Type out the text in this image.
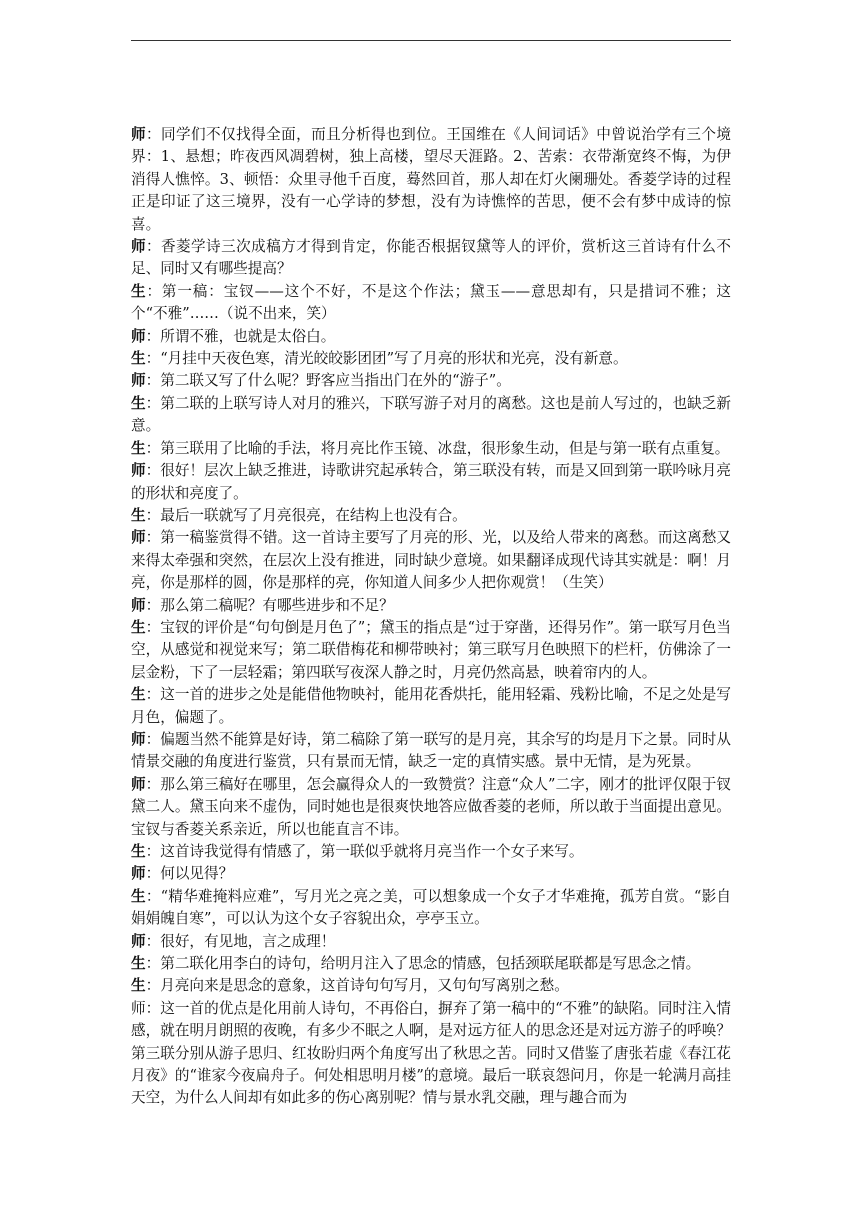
师：同学们不仅找得全面，而且分析得也到位。王国维在《人间词话》中曾说治学有三个境界：1、悬想；昨夜西风凋碧树，独上高楼，望尽天涯路。2、苦索：衣带渐宽终不悔，为伊消得人憔悴。3、顿悟：众里寻他千百度，蓦然回首，那人却在灯火阑珊处。香菱学诗的过程正是印证了这三境界，没有一心学诗的梦想，没有为诗憔悴的苦思，便不会有梦中成诗的惊喜。

师：香菱学诗三次成稿方才得到肯定，你能否根据钗黛等人的评价，赏析这三首诗有什么不足、同时又有哪些提高？

生：第一稿：宝钗——这个不好，不是这个作法；黛玉——意思却有，只是措词不雅；这个“不雅”……（说不出来，笑）

师：所谓不雅，也就是太俗白。

生：“月挂中天夜色寒，清光皎皎影团团”写了月亮的形状和光亮，没有新意。

师：第二联又写了什么呢？野客应当指出门在外的“游子”。

生：第二联的上联写诗人对月的雅兴，下联写游子对月的离愁。这也是前人写过的，也缺乏新意。

生：第三联用了比喻的手法，将月亮比作玉镜、冰盘，很形象生动，但是与第一联有点重复。

师：很好！层次上缺乏推进，诗歌讲究起承转合，第三联没有转，而是又回到第一联吟咏月亮的形状和亮度了。

生：最后一联就写了月亮很亮，在结构上也没有合。

师：第一稿鉴赏得不错。这一首诗主要写了月亮的形、光，以及给人带来的离愁。而这离愁又来得太牵强和突然，在层次上没有推进，同时缺少意境。如果翻译成现代诗其实就是：啊！月亮，你是那样的圆，你是那样的亮，你知道人间多少人把你观赏！（生笑）

师：那么第二稿呢？有哪些进步和不足？

生：宝钗的评价是“句句倒是月色了”；黛玉的指点是“过于穿凿，还得另作”。第一联写月色当空，从感觉和视觉来写；第二联借梅花和柳带映衬；第三联写月色映照下的栏杆，仿佛涂了一层金粉，下了一层轻霜；第四联写夜深人静之时，月亮仍然高悬，映着帘内的人。

生：这一首的进步之处是能借他物映衬，能用花香烘托，能用轻霜、残粉比喻，不足之处是写月色，偏题了。

师：偏题当然不能算是好诗，第二稿除了第一联写的是月亮，其余写的均是月下之景。同时从情景交融的角度进行鉴赏，只有景而无情，缺乏一定的真情实感。景中无情，是为死景。

师：那么第三稿好在哪里，怎会赢得众人的一致赞赏？注意“众人”二字，刚才的批评仅限于钗黛二人。黛玉向来不虚伪，同时她也是很爽快地答应做香菱的老师，所以敢于当面提出意见。宝钗与香菱关系亲近，所以也能直言不讳。

生：这首诗我觉得有情感了，第一联似乎就将月亮当作一个女子来写。

师：何以见得？

生：“精华难掩料应难”，写月光之亮之美，可以想象成一个女子才华难掩，孤芳自赏。“影自娟娟魄自寒”，可以认为这个女子容貌出众，亭亭玉立。

师：很好，有见地，言之成理！

生：第二联化用李白的诗句，给明月注入了思念的情感，包括颈联尾联都是写思念之情。

生：月亮向来是思念的意象，这首诗句句写月，又句句写离别之愁。

师：这一首的优点是化用前人诗句，不再俗白，摒弃了第一稿中的“不雅”的缺陷。同时注入情感，就在明月朗照的夜晚，有多少不眠之人啊，是对远方征人的思念还是对远方游子的呼唤？第三联分别从游子思归、红妆盼归两个角度写出了秋思之苦。同时又借鉴了唐张若虚《春江花月夜》的“谁家今夜扁舟子。何处相思明月楼”的意境。最后一联哀怨问月，你是一轮满月高挂天空，为什么人间却有如此多的伤心离别呢？情与景水乳交融，理与趣合而为
